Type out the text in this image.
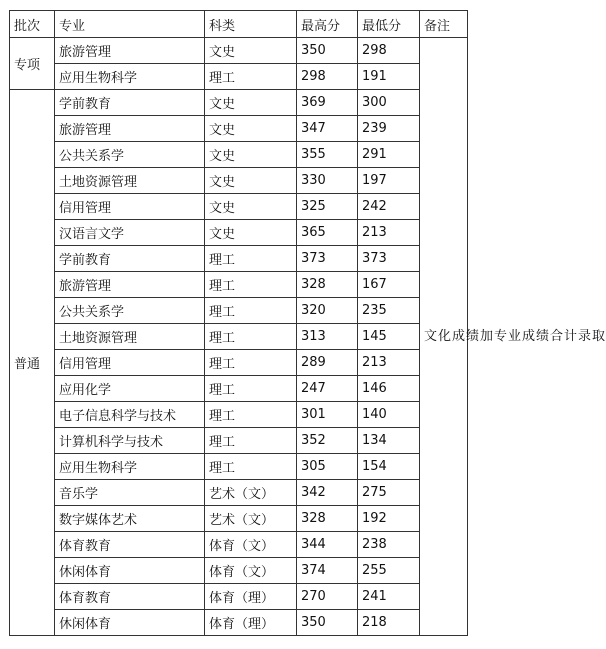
批次	专业	科类	最高分	最低分	备注
专项	旅游管理	文史	350	298	文化成绩加专业成绩合计录取

	应用生物科学	理工	298	191	
普通	学前教育	文史	369	300	
	旅游管理	文史	347	239	
	公共关系学	文史	355	291	
	土地资源管理	文史	330	197	
	信用管理	文史	325	242	
	汉语言文学	文史	365	213	
	学前教育	理工	373	373	
	旅游管理	理工	328	167	
	公共关系学	理工	320	235	
	土地资源管理	理工	313	145	
	信用管理	理工	289	213	
	应用化学	理工	247	146	
	电子信息科学与技术	理工	301	140	
	计算机科学与技术	理工	352	134	
	应用生物科学	理工	305	154	
	音乐学	艺术（文）	342	275	
	数字媒体艺术	艺术（文）	328	192	
	体育教育	体育（文）	344	238	
	休闲体育	体育（文）	374	255	
	体育教育	体育（理）	270	241	
	休闲体育	体育（理）	350	218	
